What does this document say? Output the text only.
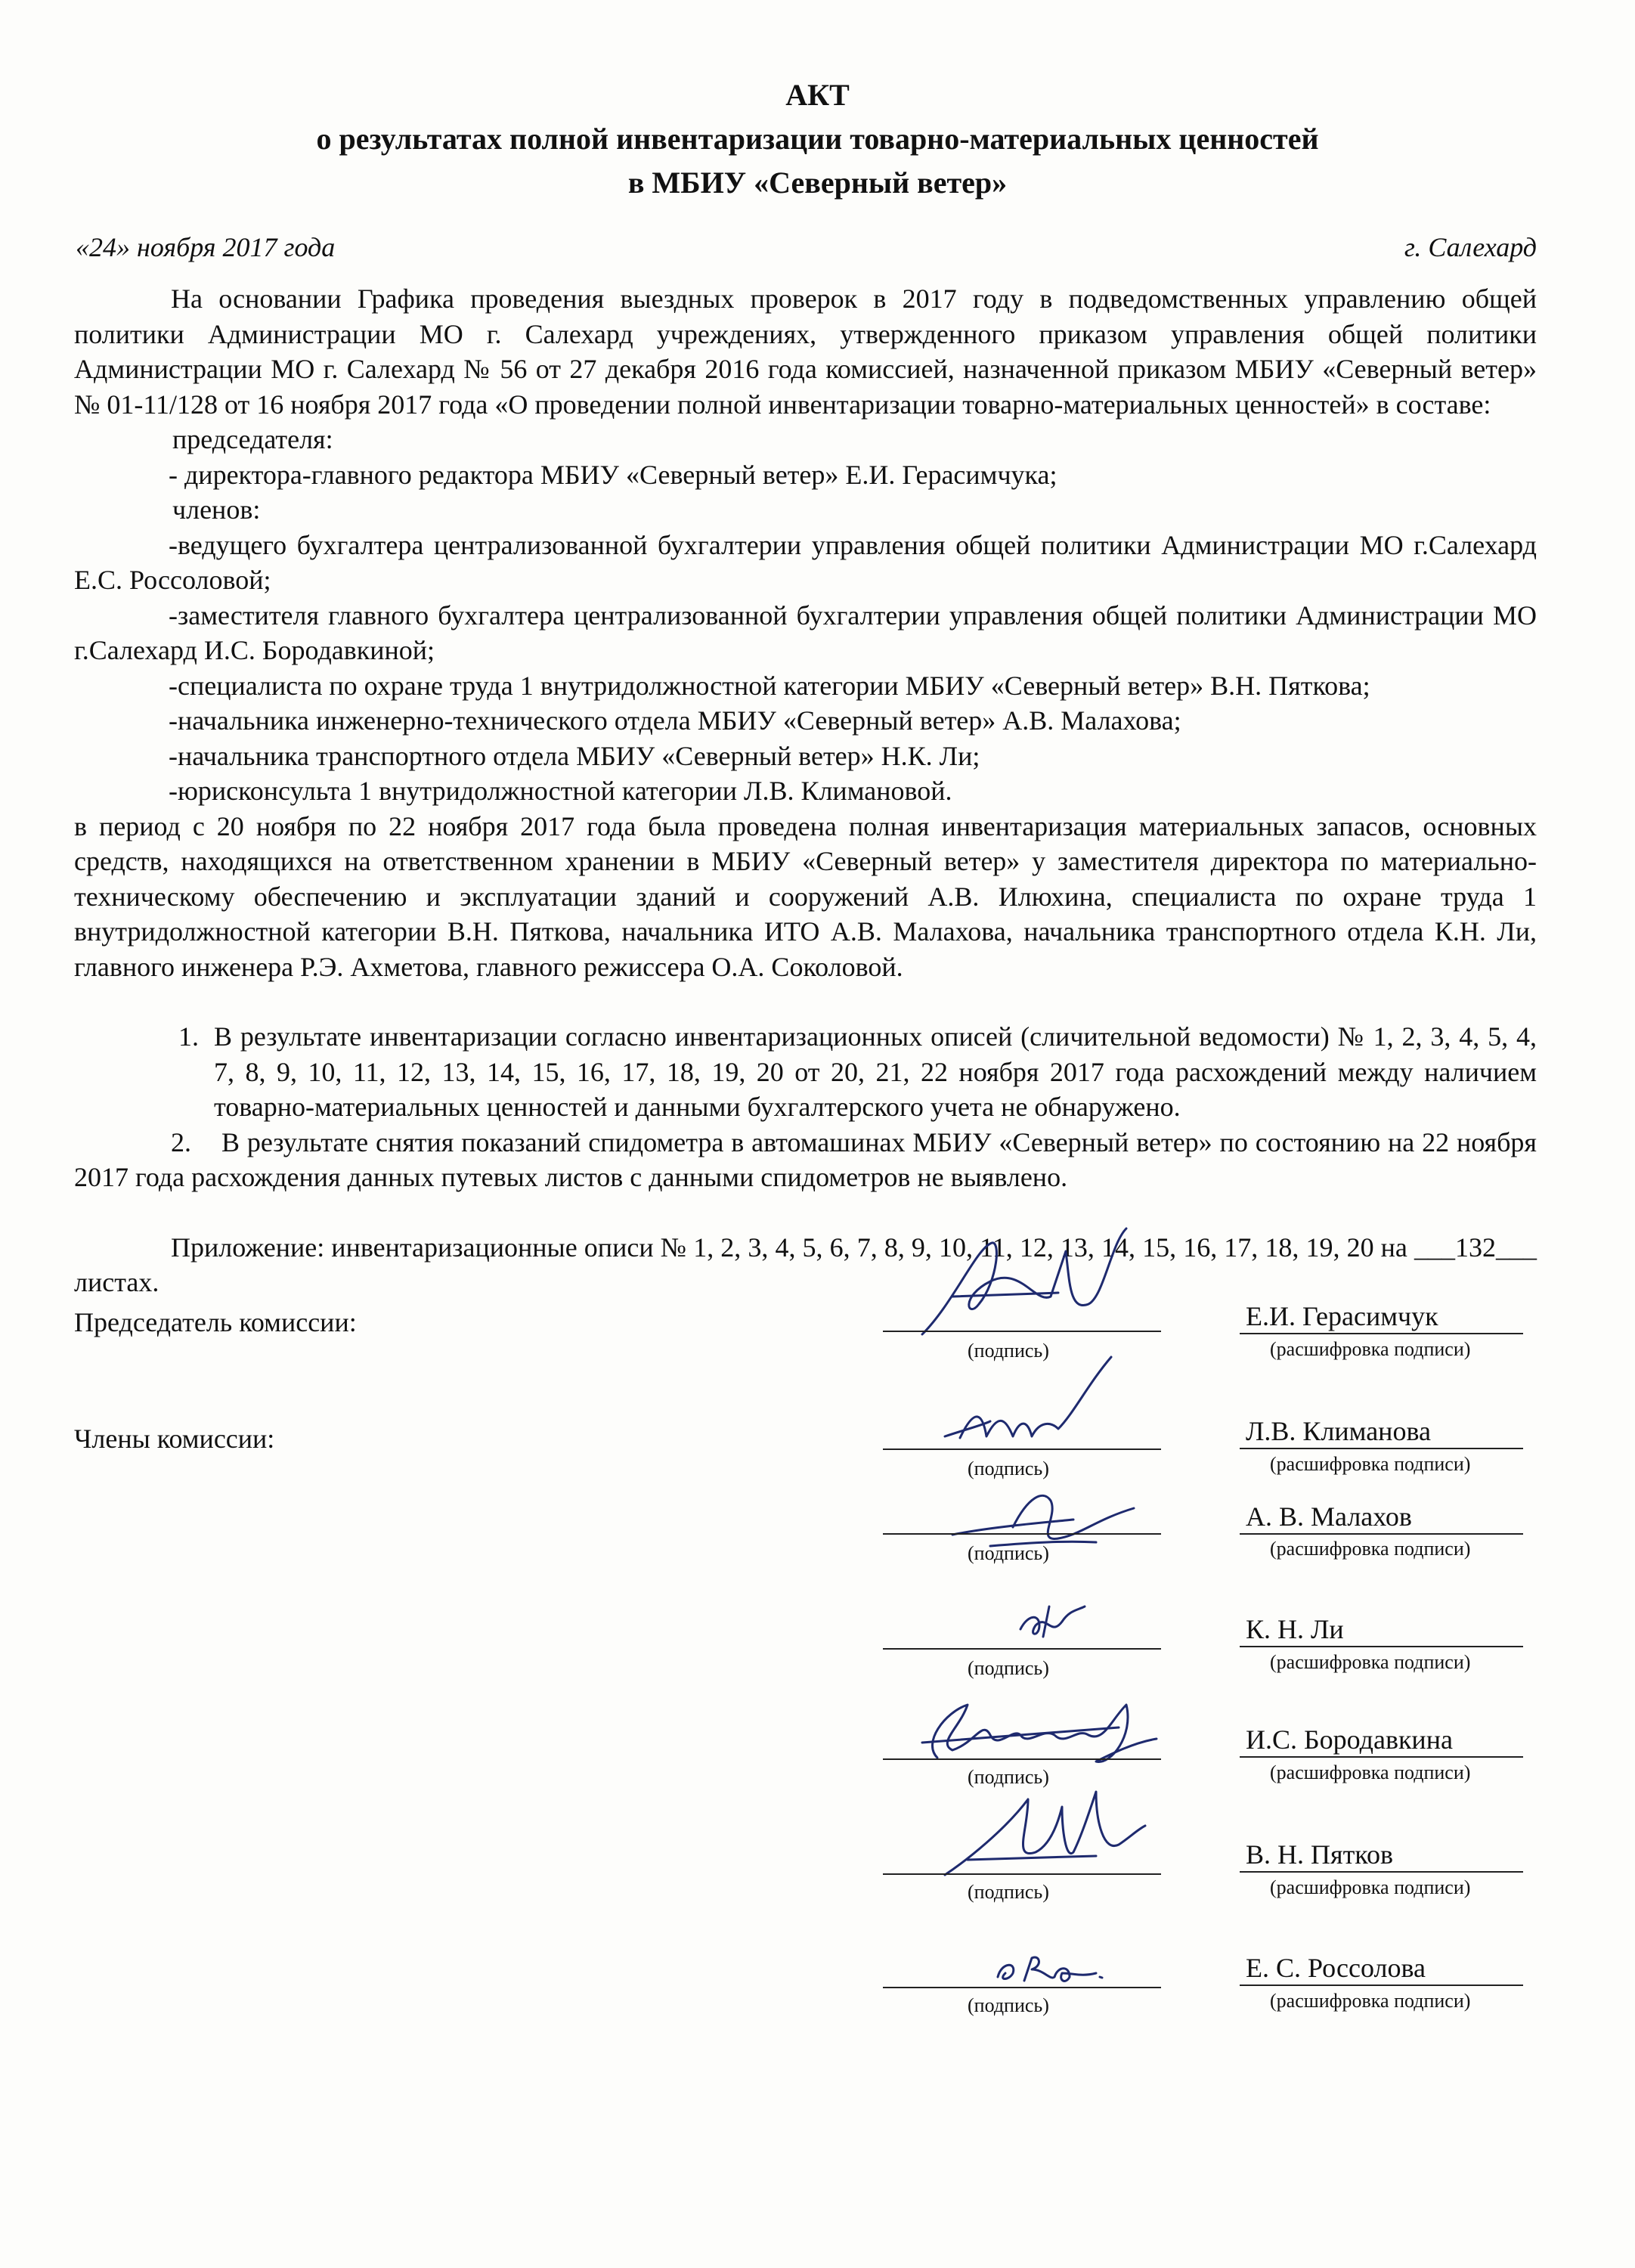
АКТ
о результатах полной инвентаризации товарно-материальных ценностей
в МБИУ «Северный ветер»
«24» ноября 2017 года	г. Салехард

На основании Графика проведения выездных проверок в 2017 году в подведомственных управлению общей политики Администрации МО г. Салехард учреждениях, утвержденного приказом управления общей политики Администрации МО г. Салехард № 56 от 27 декабря 2016 года комиссией, назначенной приказом МБИУ «Северный ветер» № 01-11/128 от 16 ноября 2017 года «О проведении полной инвентаризации товарно-материальных ценностей» в составе:

председателя:

- директора-главного редактора МБИУ «Северный ветер» Е.И. Герасимчука;

членов:

-ведущего бухгалтера централизованной бухгалтерии управления общей политики Администрации МО г.Салехард Е.С. Россоловой;

-заместителя главного бухгалтера централизованной бухгалтерии управления общей политики Администрации МО г.Салехард И.С. Бородавкиной;

-специалиста по охране труда 1 внутридолжностной категории МБИУ «Северный ветер» В.Н. Пяткова;

-начальника инженерно-технического отдела МБИУ «Северный ветер» А.В. Малахова;

-начальника транспортного отдела МБИУ «Северный ветер» Н.К. Ли;

-юрисконсульта 1 внутридолжностной категории Л.В. Климановой.

в период с 20 ноября по 22 ноября 2017 года была проведена полная инвентаризация материальных запасов, основных средств, находящихся на ответственном хранении в МБИУ «Северный ветер» у заместителя директора по материально-техническому обеспечению и эксплуатации зданий и сооружений А.В. Илюхина, специалиста по охране труда 1 внутридолжностной категории В.Н. Пяткова, начальника ИТО А.В. Малахова, начальника транспортного отдела К.Н. Ли, главного инженера Р.Э. Ахметова, главного режиссера О.А. Соколовой.

1. В результате инвентаризации согласно инвентаризационных описей (сличительной ведомости) № 1, 2, 3, 4, 5, 4, 7, 8, 9, 10, 11, 12, 13, 14, 15, 16, 17, 18, 19, 20 от 20, 21, 22 ноября 2017 года расхождений между наличием товарно-материальных ценностей и данными бухгалтерского учета не обнаружено.

2. В результате снятия показаний спидометра в автомашинах МБИУ «Северный ветер» по состоянию на 22 ноября 2017 года расхождения данных путевых листов с данными спидометров не выявлено.

Приложение: инвентаризационные описи № 1, 2, 3, 4, 5, 6, 7, 8, 9, 10, 11, 12, 13, 14, 15, 16, 17, 18, 19, 20 на ___132___ листах.

Председатель комиссии:
Члены комиссии:
(подпись)
Е.И. Герасимчук
(расшифровка подписи)
(подпись)
Л.В. Климанова
(расшифровка подписи)
(подпись)
А. В. Малахов
(расшифровка подписи)
(подпись)
К. Н. Ли
(расшифровка подписи)
(подпись)
И.С. Бородавкина
(расшифровка подписи)
(подпись)
В. Н. Пятков
(расшифровка подписи)
(подпись)
Е. С. Россолова
(расшифровка подписи)
